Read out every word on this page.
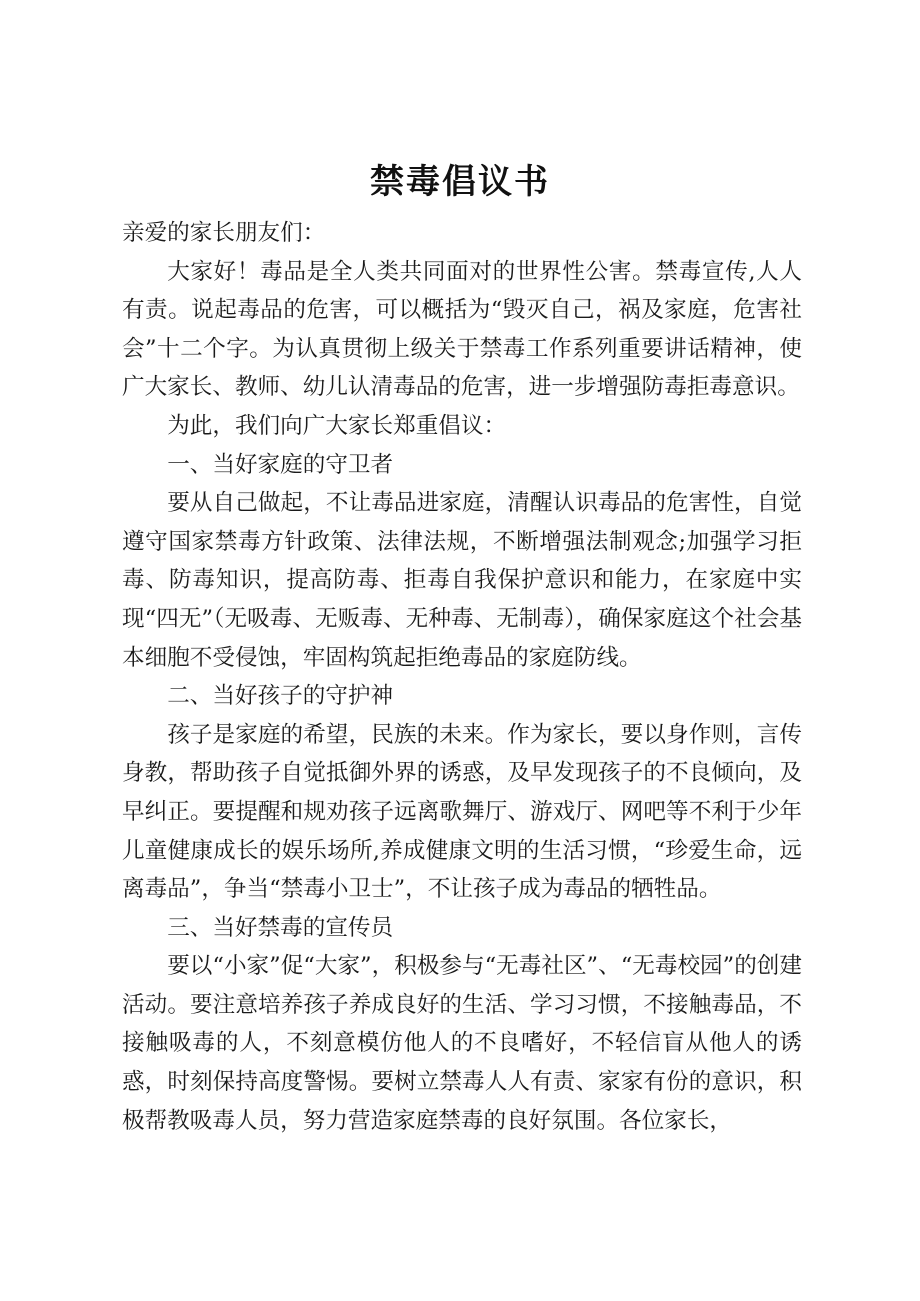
禁毒倡议书

亲爱的家长朋友们：

大家好！毒品是全人类共同面对的世界性公害。禁毒宣传,人人有责。说起毒品的危害，可以概括为“毁灭自己，祸及家庭，危害社会”十二个字。为认真贯彻上级关于禁毒工作系列重要讲话精神，使广大家长、教师、幼儿认清毒品的危害，进一步增强防毒拒毒意识。

为此，我们向广大家长郑重倡议：

一、当好家庭的守卫者

要从自己做起，不让毒品进家庭，清醒认识毒品的危害性，自觉遵守国家禁毒方针政策、法律法规，不断增强法制观念;加强学习拒毒、防毒知识，提高防毒、拒毒自我保护意识和能力，在家庭中实现“四无”（无吸毒、无贩毒、无种毒、无制毒），确保家庭这个社会基本细胞不受侵蚀，牢固构筑起拒绝毒品的家庭防线。

二、当好孩子的守护神

孩子是家庭的希望，民族的未来。作为家长，要以身作则，言传身教，帮助孩子自觉抵御外界的诱惑，及早发现孩子的不良倾向，及早纠正。要提醒和规劝孩子远离歌舞厅、游戏厅、网吧等不利于少年儿童健康成长的娱乐场所,养成健康文明的生活习惯，“珍爱生命，远离毒品”，争当“禁毒小卫士”，不让孩子成为毒品的牺牲品。

三、当好禁毒的宣传员

要以“小家”促“大家”，积极参与“无毒社区”、“无毒校园”的创建活动。要注意培养孩子养成良好的生活、学习习惯，不接触毒品，不接触吸毒的人，不刻意模仿他人的不良嗜好，不轻信盲从他人的诱惑，时刻保持高度警惕。要树立禁毒人人有责、家家有份的意识，积极帮教吸毒人员，努力营造家庭禁毒的良好氛围。各位家长，
